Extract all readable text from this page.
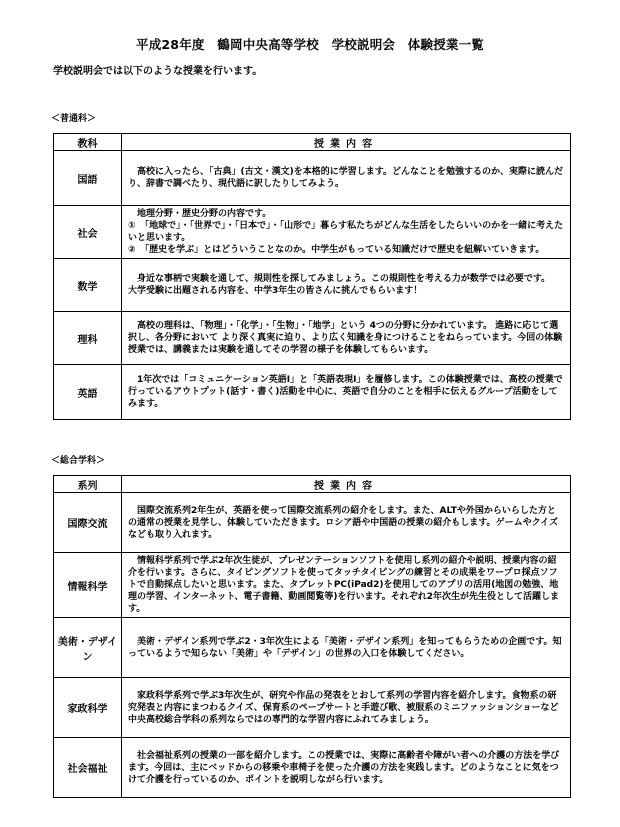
平成28年度　鶴岡中央高等学校　学校説明会　体験授業一覧
学校説明会では以下のような授業を行います。
＜普通科＞
教科	授業内容
国語	　高校に入ったら、「古典」(古文・漢文)を本格的に学習します。どんなことを勉強するのか、実際に読んだり、辞書で調べたり、現代語に訳したりしてみよう。

社会	　地理分野・歴史分野の内容です。
①　「地球で」・「世界で」・「日本で」・「山形で」暮らす私たちがどんな生活をしたらいいのかを一緒に考えたいと思います。
②　「歴史を学ぶ」とはどういうことなのか。中学生がもっている知識だけで歴史を紐解いていきます。

数学	　身近な事柄で実験を通して、規則性を探してみましょう。この規則性を考える力が数学では必要です。
大学受験に出題される内容を、中学3年生の皆さんに挑んでもらいます！

理科	　高校の理科は、「物理」・「化学」・「生物」・「地学」という 4つの分野に分かれています。 進路に応じて選択し、各分野において より深く真実に迫り、より広く知識を身につけることをねらっています。今回の体験授業では、講義または実験を通してその学習の様子を体験してもらいます。

英語	　1年次では「コミュニケーション英語Ⅰ」と「英語表現Ⅰ」を履修します。この体験授業では、高校の授業で行っているアウトプット(話す・書く)活動を中心に、英語で自分のことを相手に伝えるグループ活動をしてみます。
＜総合学科＞
系列	授業内容
国際交流	　国際交流系列2年生が、英語を使って国際交流系列の紹介をします。また、ALTや外国からいらした方との通常の授業を見学し、体験していただきます。ロシア語や中国語の授業の紹介もします。ゲームやクイズなども取り入れます。

情報科学	　情報科学系列で学ぶ2年次生徒が、プレゼンテーションソフトを使用し系列の紹介や説明、授業内容の紹介を行います。さらに、タイピングソフトを使ってタッチタイピングの練習とその成果をワープロ採点ソフトで自動採点したいと思います。また、タブレットPC(iPad2)を使用してのアプリの活用(地図の勉強、地理の学習、インターネット、電子書籍、動画閲覧等)を行います。それぞれ2年次生が先生役として活躍します。

美術・デザイン	　美術・デザイン系列で学ぶ2・3年次生による「美術・デザイン系列」を知ってもらうための企画です。知っているようで知らない「美術」や「デザイン」の世界の入口を体験してください。

家政科学	　家政科学系列で学ぶ3年次生が、研究や作品の発表をとおして系列の学習内容を紹介します。食物系の研究発表と内容にまつわるクイズ、保育系のペープサートと手遊び歌、被服系のミニファッションショーなど中央高校総合学科の系列ならではの専門的な学習内容にふれてみましょう。

社会福祉	　社会福祉系列の授業の一部を紹介します。この授業では、実際に高齢者や障がい者への介護の方法を学びます。今回は、主にベッドからの移乗や車椅子を使った介護の方法を実践します。どのようなことに気をつけて介護を行っているのか、ポイントを説明しながら行います。
